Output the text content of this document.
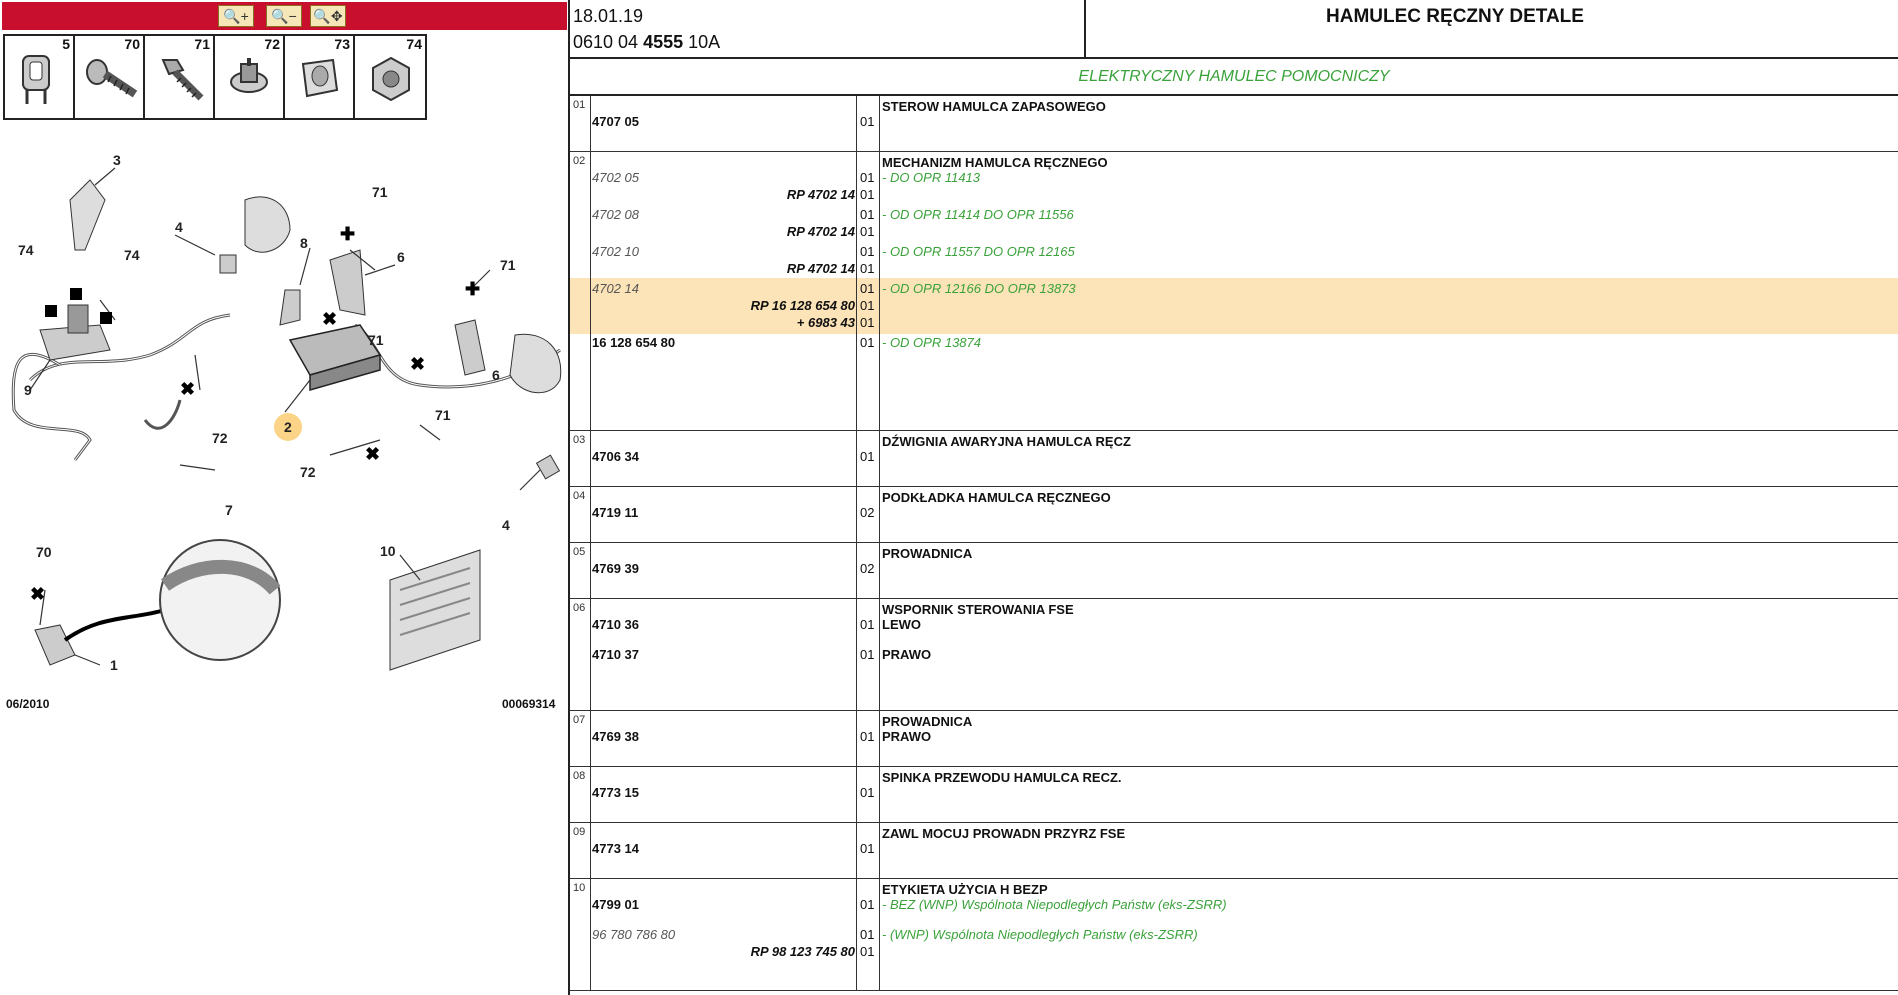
🔍+ 🔍− 🔍✥
5	70	71	72	73	74
✚
✖
✖
✚
✖
✖
✖
3
71
74	74
4
8
6
9
72
2
71
71
6
71
72
7
4
70	10
1
06/2010	00069314
18.01.19
0610 04 4555 10A
HAMULEC RĘCZNY DETALE
ELEKTRYCZNY HAMULEC POMOCNICZY
01	STEROW HAMULCA ZAPASOWEGO
4707 05	01
02	MECHANIZM HAMULCA RĘCZNEGO
4702 05	01 - DO OPR 11413
RP 4702 14 01
4702 08	01 - OD OPR 11414 DO OPR 11556
RP 4702 14 01
4702 10	01 - OD OPR 11557 DO OPR 12165
RP 4702 14 01
4702 14	01 - OD OPR 12166 DO OPR 13873
RP 16 128 654 80 01
+ 6983 43 01
16 128 654 80	01 - OD OPR 13874
03	DŹWIGNIA AWARYJNA HAMULCA RĘCZ
4706 34	01
04	PODKŁADKA HAMULCA RĘCZNEGO
4719 11	02
05	PROWADNICA
4769 39	02
06	WSPORNIK STEROWANIA FSE
4710 36	01 LEWO
4710 37	01 PRAWO
07	PROWADNICA
4769 38	01 PRAWO
08	SPINKA PRZEWODU HAMULCA RECZ.
4773 15	01
09	ZAWL MOCUJ PROWADN PRZYRZ FSE
4773 14	01
10	ETYKIETA UŻYCIA H BEZP
4799 01	01 - BEZ (WNP) Wspólnota Niepodległych Państw (eks-ZSRR)
96 780 786 80	01 - (WNP) Wspólnota Niepodległych Państw (eks-ZSRR)
RP 98 123 745 80 01
